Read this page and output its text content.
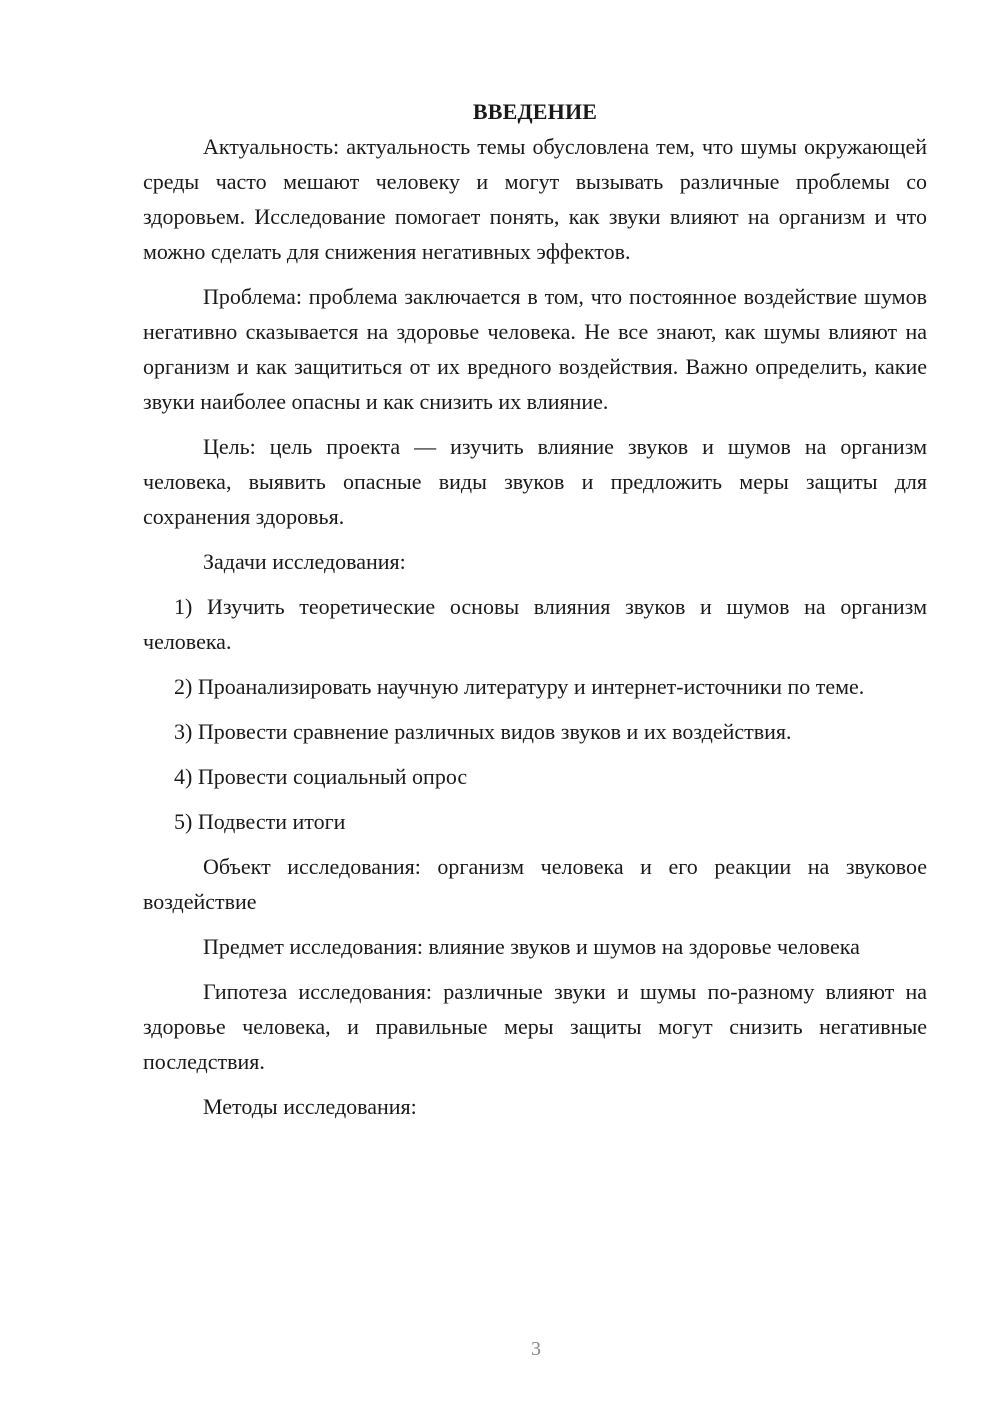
ВВЕДЕНИЕ

Актуальность: актуальность темы обусловлена тем, что шумы окружающей среды часто мешают человеку и могут вызывать различные проблемы со здоровьем. Исследование помогает понять, как звуки влияют на организм и что можно сделать для снижения негативных эффектов.

Проблема: проблема заключается в том, что постоянное воздействие шумов негативно сказывается на здоровье человека. Не все знают, как шумы влияют на организм и как защититься от их вредного воздействия. Важно определить, какие звуки наиболее опасны и как снизить их влияние.

Цель: цель проекта — изучить влияние звуков и шумов на организм человека, выявить опасные виды звуков и предложить меры защиты для сохранения здоровья.

Задачи исследования:

1) Изучить теоретические основы влияния звуков и шумов на организм человека.

2) Проанализировать научную литературу и интернет-источники по теме.

3) Провести сравнение различных видов звуков и их воздействия.

4) Провести социальный опрос

5) Подвести итоги

Объект исследования: организм человека и его реакции на звуковое воздействие

Предмет исследования: влияние звуков и шумов на здоровье человека

Гипотеза исследования: различные звуки и шумы по-разному влияют на здоровье человека, и правильные меры защиты могут снизить негативные последствия.

Методы исследования:

3
